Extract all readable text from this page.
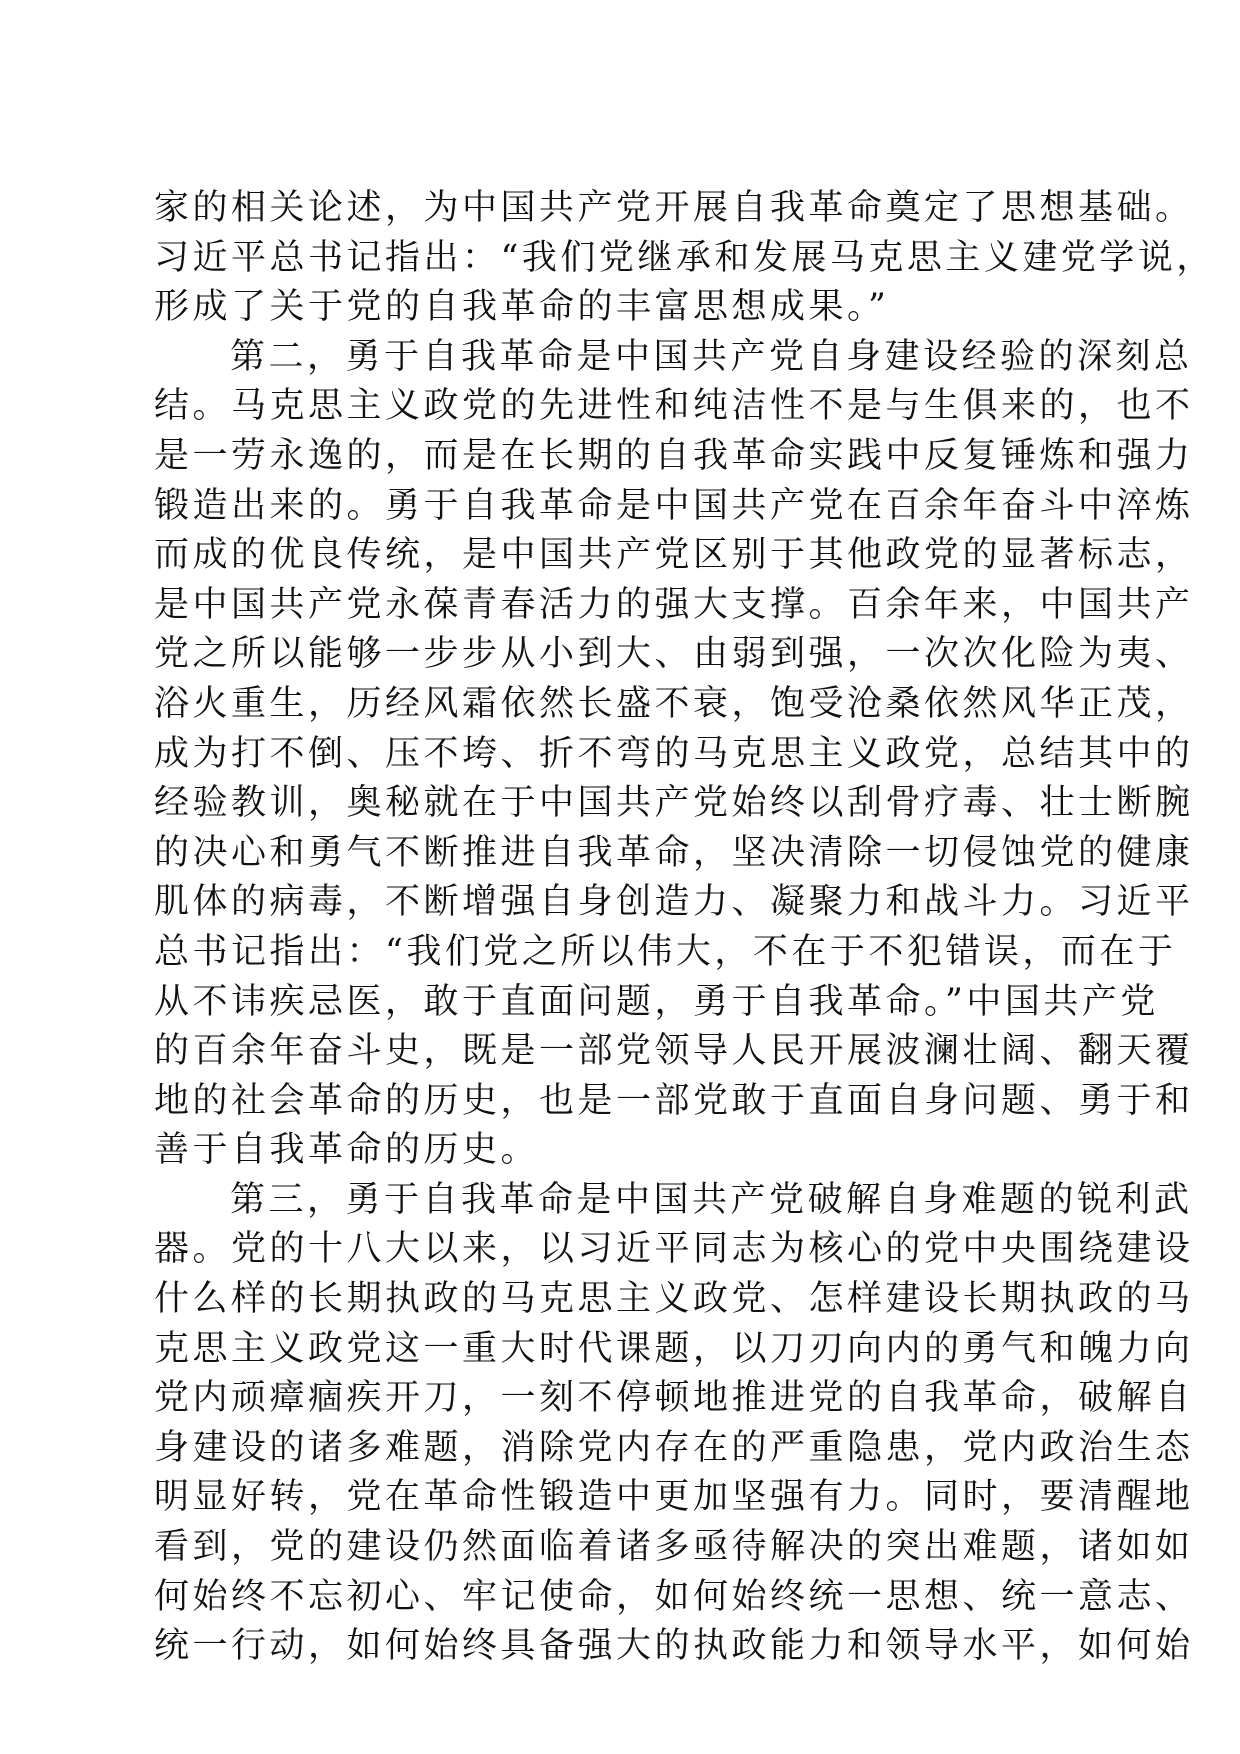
家的相关论述，为中国共产党开展自我革命奠定了思想基础。
习近平总书记指出：“我们党继承和发展马克思主义建党学说，
形成了关于党的自我革命的丰富思想成果。”
第二，勇于自我革命是中国共产党自身建设经验的深刻总
结。马克思主义政党的先进性和纯洁性不是与生俱来的，也不
是一劳永逸的，而是在长期的自我革命实践中反复锤炼和强力
锻造出来的。勇于自我革命是中国共产党在百余年奋斗中淬炼
而成的优良传统，是中国共产党区别于其他政党的显著标志，
是中国共产党永葆青春活力的强大支撑。百余年来，中国共产
党之所以能够一步步从小到大、由弱到强，一次次化险为夷、
浴火重生，历经风霜依然长盛不衰，饱受沧桑依然风华正茂，
成为打不倒、压不垮、折不弯的马克思主义政党，总结其中的
经验教训，奥秘就在于中国共产党始终以刮骨疗毒、壮士断腕
的决心和勇气不断推进自我革命，坚决清除一切侵蚀党的健康
肌体的病毒，不断增强自身创造力、凝聚力和战斗力。习近平
总书记指出：“我们党之所以伟大，不在于不犯错误，而在于
从不讳疾忌医，敢于直面问题，勇于自我革命。”中国共产党
的百余年奋斗史，既是一部党领导人民开展波澜壮阔、翻天覆
地的社会革命的历史，也是一部党敢于直面自身问题、勇于和
善于自我革命的历史。
第三，勇于自我革命是中国共产党破解自身难题的锐利武
器。党的十八大以来，以习近平同志为核心的党中央围绕建设
什么样的长期执政的马克思主义政党、怎样建设长期执政的马
克思主义政党这一重大时代课题，以刀刃向内的勇气和魄力向
党内顽瘴痼疾开刀，一刻不停顿地推进党的自我革命，破解自
身建设的诸多难题，消除党内存在的严重隐患，党内政治生态
明显好转，党在革命性锻造中更加坚强有力。同时，要清醒地
看到，党的建设仍然面临着诸多亟待解决的突出难题，诸如如
何始终不忘初心、牢记使命，如何始终统一思想、统一意志、
统一行动，如何始终具备强大的执政能力和领导水平，如何始
